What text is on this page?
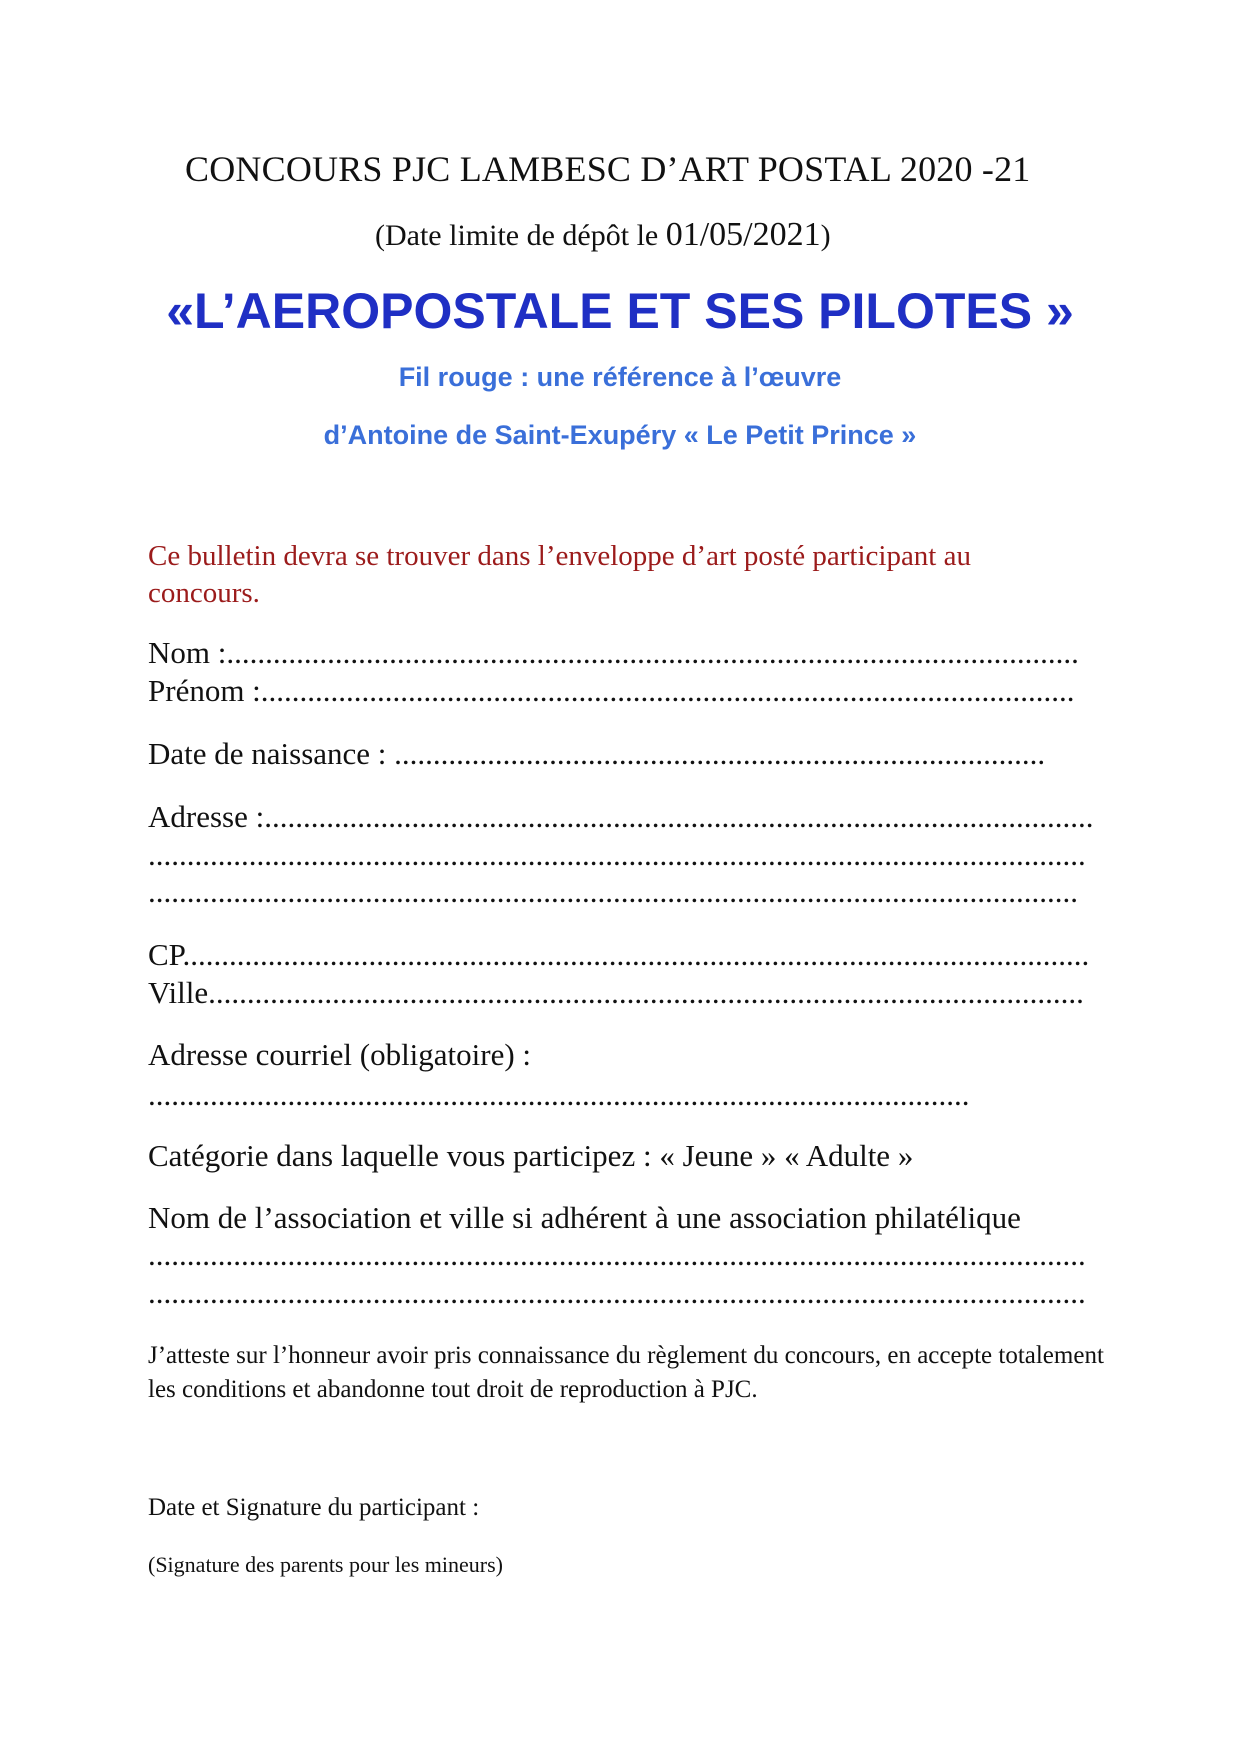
CONCOURS PJC LAMBESC D’ART POSTAL 2020 -21
(Date limite de dépôt le 01/05/2021)
«L’AEROPOSTALE ET SES PILOTES »
Fil rouge : une référence à l’œuvre
d’Antoine de Saint-Exupéry « Le Petit Prince »
Ce bulletin devra se trouver dans l’enveloppe d’art posté participant au concours.
Nom :..............................................................................................................
Prénom :.........................................................................................................
Date de naissance : ....................................................................................
Adresse :...........................................................................................................
.........................................................................................................................
........................................................................................................................
CP.....................................................................................................................
Ville.................................................................................................................
Adresse courriel (obligatoire) :
..........................................................................................................
Catégorie dans laquelle vous participez : « Jeune » « Adulte »
Nom de l’association et ville si adhérent à une association philatélique
.........................................................................................................................
.........................................................................................................................
J’atteste sur l’honneur avoir pris connaissance du règlement du concours, en accepte totalement les conditions et abandonne tout droit de reproduction à PJC.
Date et Signature du participant :
(Signature des parents pour les mineurs)
